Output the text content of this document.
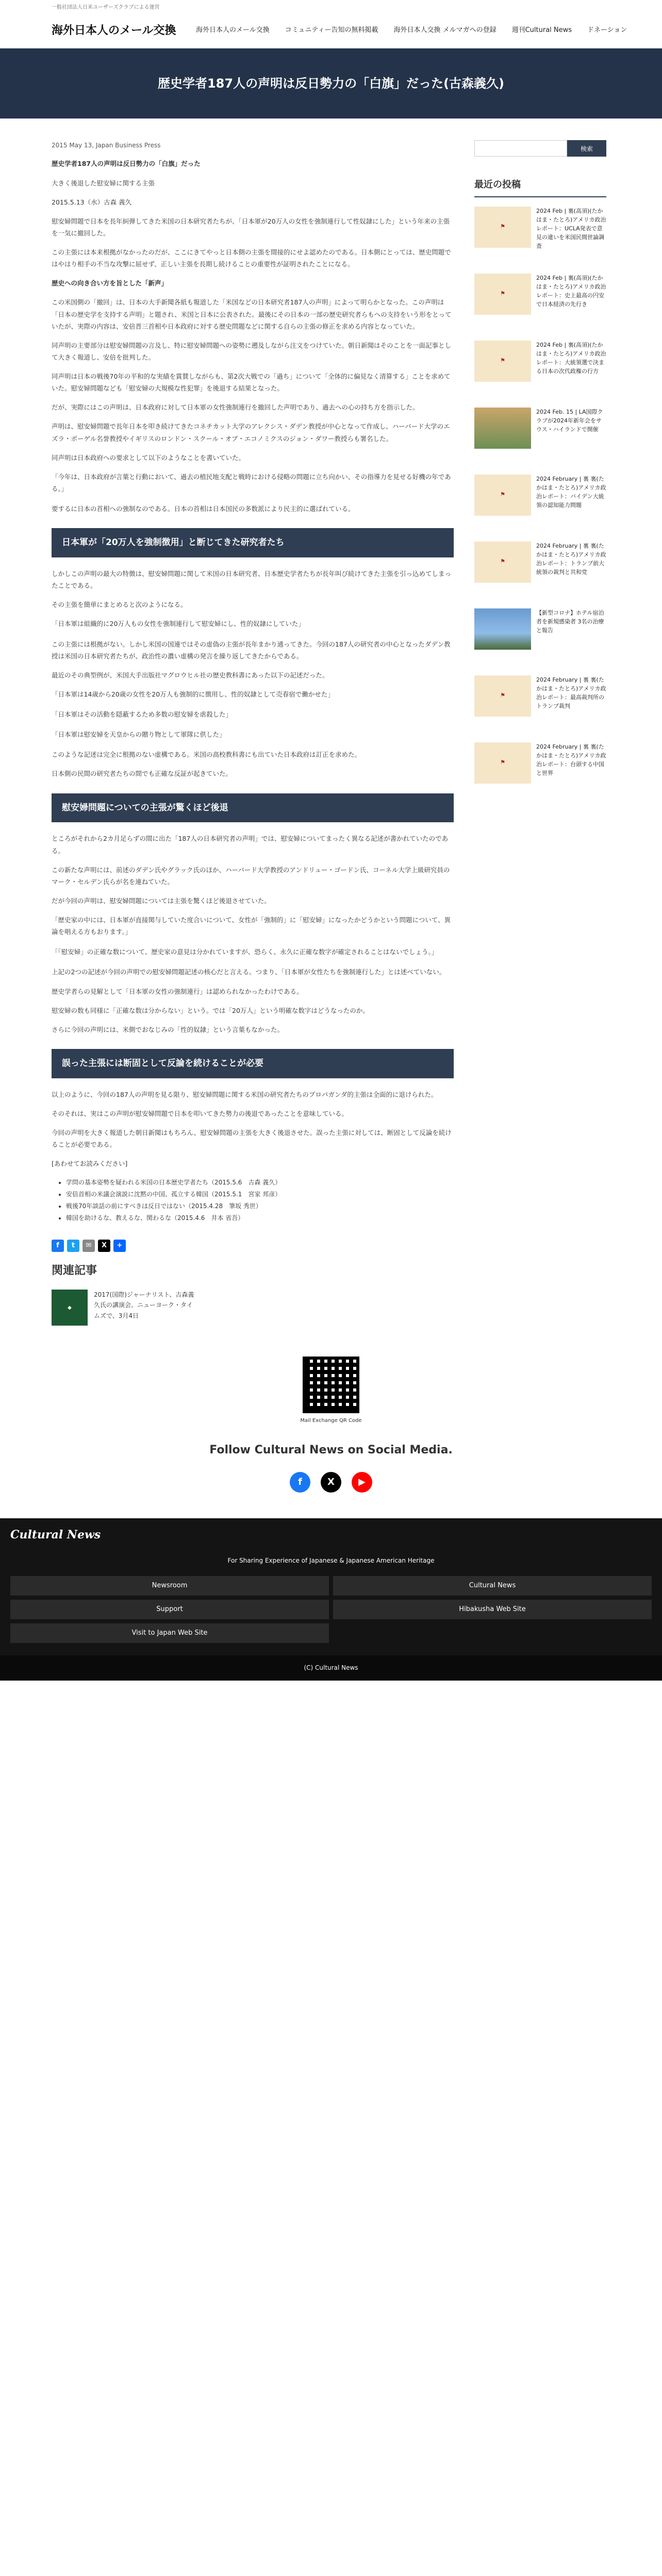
一般社団法人日米ユーザーズクラブによる運営
海外日本人のメール交換	海外日本人のメール交換 コミュニティー告知の無料掲載 海外日本人交換 メルマガへの登録 週刊Cultural News ドネーション
歴史学者187人の声明は反日勢力の「白旗」だった(古森義久)
2015 May 13, Japan Business Press

歴史学者187人の声明は反日勢力の「白旗」だった

大きく後退した慰安婦に関する主張

2015.5.13（水）古森 義久

慰安婦問題で日本を長年糾弾してきた米国の日本研究者たちが、「日本軍が20万人の女性を強制連行して性奴隷にした」という年来の主張を一気に撤回した。

この主張には本来根拠がなかったのだが、ここにきてやっと日本側の主張を間接的にせよ認めたのである。日本側にとっては、歴史問題ではやはり相手の不当な攻撃に屈せず、正しい主張を長期し続けることの重要性が証明されたことになる。

歴史への向き合い方を旨とした「新声」

この米国側の「撤回」は、日本の大手新聞各紙も報道した「米国などの日本研究者187人の声明」によって明らかとなった。この声明は「日本の歴史学を支持する声明」と題され、米国と日本に公表された。最後にその日本の一部の歴史研究者らもへの支持をいう形をとっていたが、実際の内容は、安倍晋三首相や日本政府に対する歴史問題などに関する自らの主張の修正を求める内容となっていた。

同声明の主要部分は慰安婦問題の言及し、特に慰安婦問題への姿勢に遡及しながら注文をつけていた。朝日新聞はそのことを一面記事として大きく報道し、安倍を批判した。

同声明は日本の戦後70年の平和的な実績を賞賛しながらも、第2次大戦での「過ち」について「全体的に偏見なく清算する」ことを求めていた。慰安婦問題なども「慰安婦の大規模な性犯罪」を後退する結果となった。

だが、実際にはこの声明は、日本政府に対して日本軍の女性強制連行を撤回した声明であり、過去への心の持ち方を指示した。

声明は、慰安婦問題で長年日本を叩き続けてきたコネチカット大学のアレクシス・ダデン教授が中心となって作成し、ハーバード大学のエズラ・ボーゲル名誉教授やイギリスのロンドン・スクール・オブ・エコノミクスのジョン・ダワー教授らも署名した。

同声明は日本政府への要求として以下のようなことを書いていた。

「今年は、日本政府が言葉と行動において、過去の植民地支配と戦時における侵略の問題に立ち向かい、その指導力を見せる好機の年である。」

要するに日本の首相への強制なのである。日本の首相は日本国民の多数派により民主的に選ばれている。

日本軍が「20万人を強制徴用」と断じてきた研究者たち

しかしこの声明の最大の特徴は、慰安婦問題に関して米国の日本研究者、日本歴史学者たちが長年叫び続けてきた主張を引っ込めてしまったことである。

その主張を簡単にまとめると次のようになる。

「日本軍は組織的に20万人もの女性を強制連行して慰安婦にし、性的奴隷にしていた」

この主張には根拠がない。しかし米国の国連ではその虚偽の主張が長年まかり通ってきた。今回の187人の研究者の中心となったダデン教授は米国の日本研究者たちが、政治性の濃い虚構の発言を繰り返してきたからである。

最近のその典型例が、米国大手出版社マグロウヒル社の歴史教科書にあった以下の記述だった。

「日本軍は14歳から20歳の女性を20万人も強制的に徴用し、性的奴隷として売春宿で働かせた」
「日本軍はその活動を隠蔽するため多数の慰安婦を虐殺した」
「日本軍は慰安婦を天皇からの贈り物として軍隊に供した」

このような記述は完全に根拠のない虚構である。米国の高校教科書にも出ていた日本政府は訂正を求めた。

日本側の民間の研究者たちの間でも正確な反証が起きていた。

慰安婦問題についての主張が驚くほど後退

ところがそれから2カ月足らずの間に出た「187人の日本研究者の声明」では、慰安婦についてまったく異なる記述が書かれていたのである。

この新たな声明には、前述のダデン氏やグラック氏のほか、ハーバード大学教授のアンドリュー・ゴードン氏、コーネル大学上級研究員のマーク・セルデン氏らが名を連ねていた。

だが今回の声明は、慰安婦問題については主張を驚くほど後退させていた。

「歴史家の中には、日本軍が直接関与していた度合いについて、女性が「強制的」に「慰安婦」になったかどうかという問題について、異論を唱える方もおります。」
「「慰安婦」の正確な数について、歴史家の意見は分かれていますが、恐らく、永久に正確な数字が確定されることはないでしょう。」

上記の2つの記述が今回の声明での慰安婦問題記述の核心だと言える。つまり、「日本軍が女性たちを強制連行した」とは述べていない。

歴史学者らの見解として「日本軍の女性の強制連行」は認められなかったわけである。

慰安婦の数も同様に「正確な数は分からない」という。では「20万人」という明確な数字はどうなったのか。

さらに今回の声明には、米側でおなじみの「性的奴隷」という言葉もなかった。

誤った主張には断固として反論を続けることが必要

以上のように、今回の187人の声明を見る限り、慰安婦問題に関する米国の研究者たちのプロパガンダ的主張は全面的に退けられた。

そのそれは、実はこの声明が慰安婦問題で日本を叩いてきた勢力の後退であったことを意味している。

今回の声明を大きく報道した朝日新聞はもちろん、慰安婦問題の主張を大きく後退させた。誤った主張に対しては、断固として反論を続けることが必要である。

[あわせてお読みください]

• 学問の基本姿勢を疑われる米国の日本歴史学者たち（2015.5.6　古森 義久）
• 安倍首相の米議会演説に沈黙の中国、孤立する韓国（2015.5.1　宮家 邦彦）
• 戦後70年談話の前にすべきは反日ではない（2015.4.28　筆坂 秀世）
• 韓国を助けるな、教えるな、関わるな（2015.4.6　井本 省吾）
f	t	✉	X	+
関連記事
◆
2017(国際)ジャーナリスト、古森義久氏の講演会。ニューヨーク・タイムズで、3月4日
検索
最近の投稿
⚑
2024 Feb | 裏(高須)(たかはま・たとろ)アメリカ政治レポート：UCLA発表で意見の違いを米国民間世論調査
⚑
2024 Feb | 裏(高須)(たかはま・たとろ)アメリカ政治レポート：史上最高の円安で日本経済の先行き
⚑
2024 Feb | 裏(高須)(たかはま・たとろ)アメリカ政治レポート：大統領選で決まる日本の次代政権の行方
2024 Feb. 15 | LA国際クラブが2024年新年会をサウス・ハイランドで開催
⚑
2024 February | 裏 裏(たかはま・たとろ)アメリカ政治レポート：バイデン大統領の認知能力問題
⚑
2024 February | 裏 裏(たかはま・たとろ)アメリカ政治レポート：トランプ前大統領の裁判と共和党
【新型コロナ】ホテル宿泊者を新規感染者 3名の治療と報告
⚑
2024 February | 裏 裏(たかはま・たとろ)アメリカ政治レポート：最高裁判所のトランプ裁判
⚑
2024 February | 裏 裏(たかはま・たとろ)アメリカ政治レポート：台頭する中国と世界
Mail Exchange QR Code
Follow Cultural News on Social Media.
f	X	▶
Cultural News
For Sharing Experience of Japanese & Japanese American Heritage
Newsroom	Cultural News
Support	Hibakusha Web Site
Visit to Japan Web Site
(C) Cultural News
